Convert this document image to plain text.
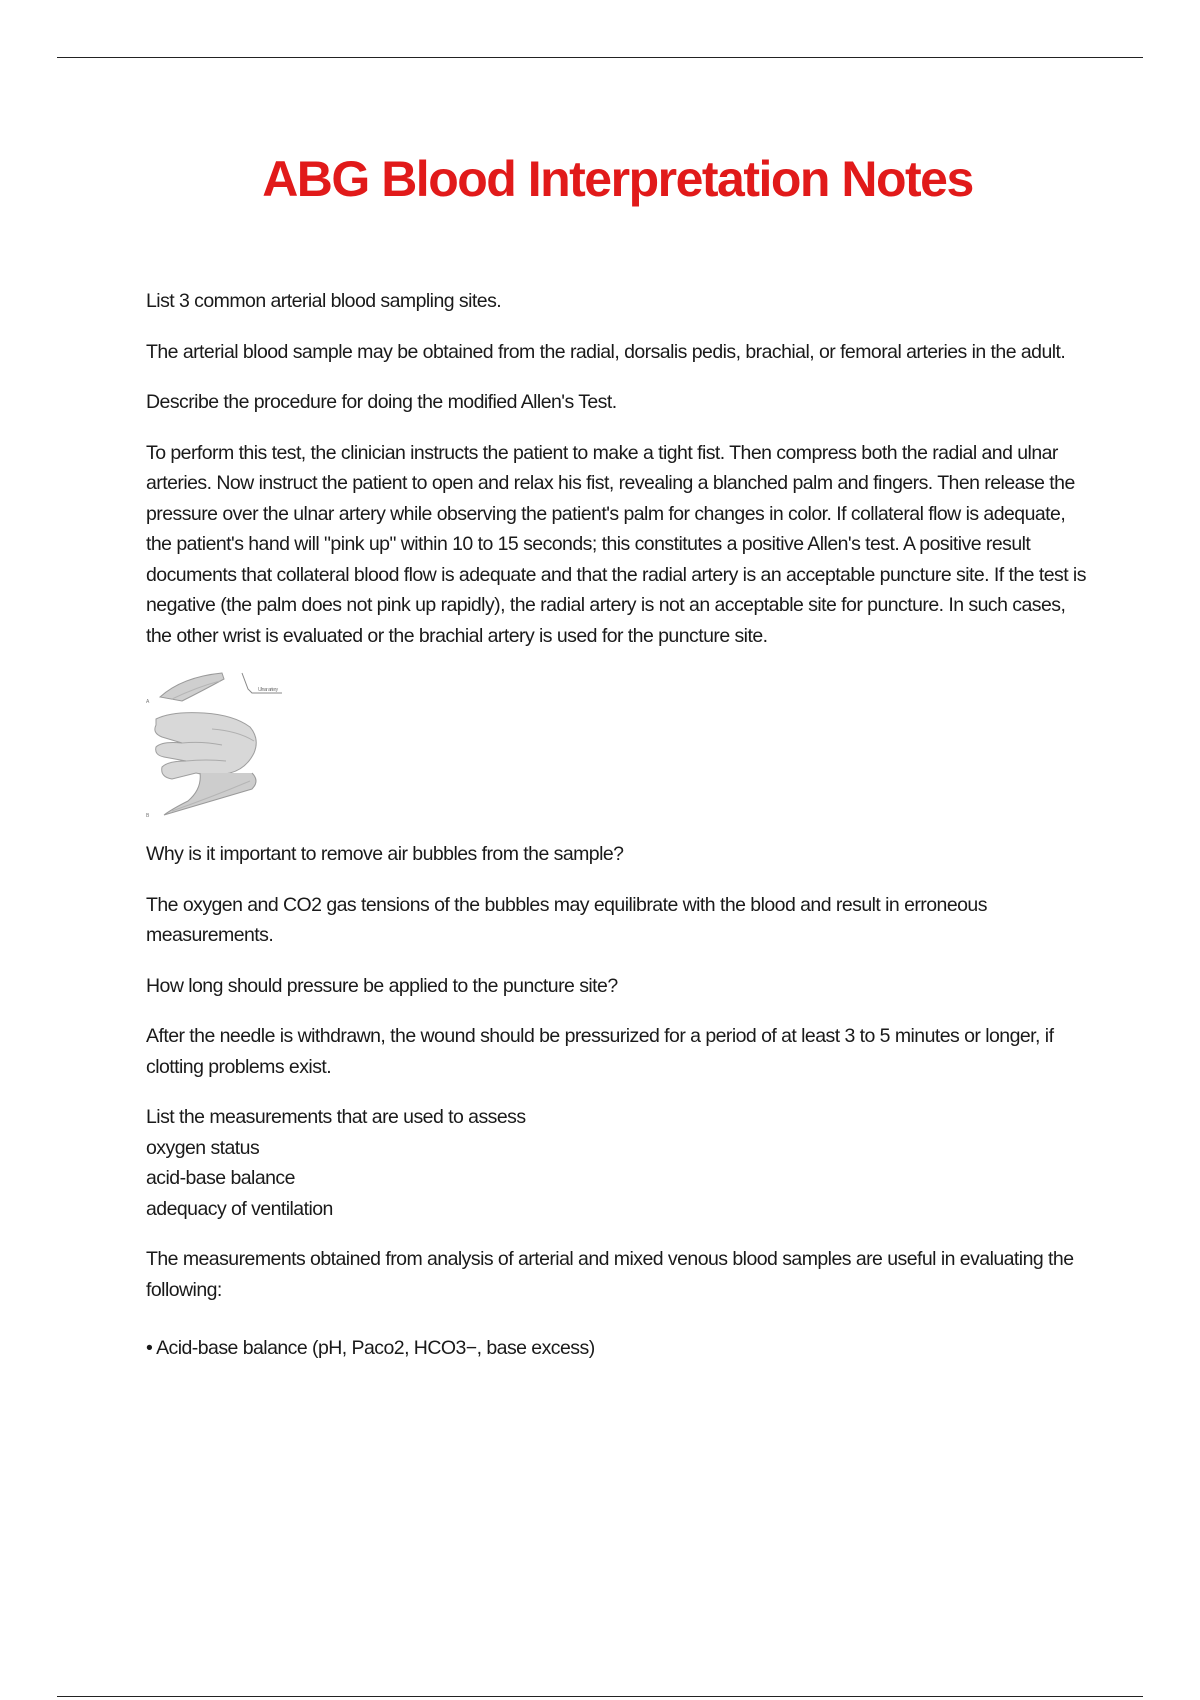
ABG Blood Interpretation Notes

List 3 common arterial blood sampling sites.

The arterial blood sample may be obtained from the radial, dorsalis pedis, brachial, or femoral arteries in the adult.

Describe the procedure for doing the modified Allen's Test.

To perform this test, the clinician instructs the patient to make a tight fist. Then compress both the radial and ulnar arteries. Now instruct the patient to open and relax his fist, revealing a blanched palm and fingers. Then release the pressure over the ulnar artery while observing the patient's palm for changes in color. If collateral flow is adequate, the patient's hand will "pink up" within 10 to 15 seconds; this constitutes a positive Allen's test. A positive result documents that collateral blood flow is adequate and that the radial artery is an acceptable puncture site. If the test is negative (the palm does not pink up rapidly), the radial artery is not an acceptable site for puncture. In such cases, the other wrist is evaluated or the brachial artery is used for the puncture site.

Ulnar artery
A
B

Why is it important to remove air bubbles from the sample?

The oxygen and CO2 gas tensions of the bubbles may equilibrate with the blood and result in erroneous measurements.

How long should pressure be applied to the puncture site?

After the needle is withdrawn, the wound should be pressurized for a period of at least 3 to 5 minutes or longer, if clotting problems exist.

List the measurements that are used to assess
oxygen status
acid-base balance
adequacy of ventilation

The measurements obtained from analysis of arterial and mixed venous blood samples are useful in evaluating the following:

• Acid-base balance (pH, Paco2, HCO3−, base excess)
